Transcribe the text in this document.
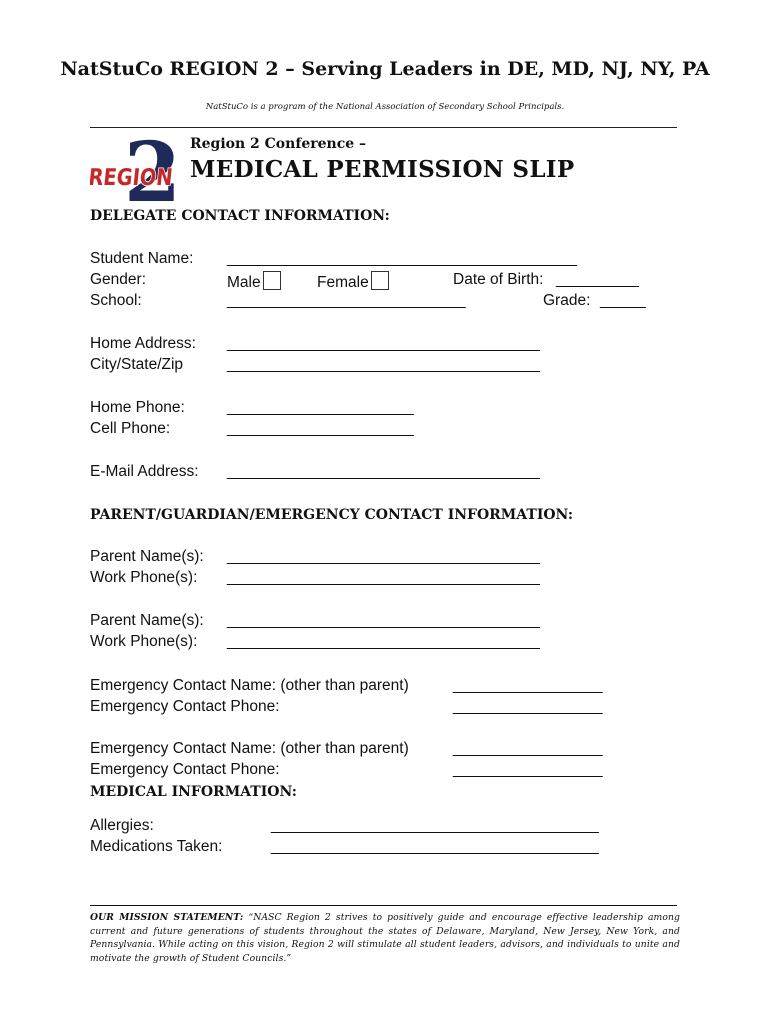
NatStuCo REGION 2 – Serving Leaders in DE, MD, NJ, NY, PA
NatStuCo is a program of the National Association of Secondary School Principals.
2
REGION
Region 2 Conference –
MEDICAL PERMISSION SLIP
DELEGATE CONTACT INFORMATION:
Student Name: _______________________________________________
Gender:	Male	Female	Date of Birth: ___________
School:	________________________________	Grade: ______
Home Address: __________________________________________
City/State/Zip	__________________________________________
Home Phone:	_________________________
Cell Phone:	_________________________
E-Mail Address: __________________________________________
PARENT/GUARDIAN/EMERGENCY CONTACT INFORMATION:
Parent Name(s): __________________________________________
Work Phone(s): __________________________________________
Parent Name(s): __________________________________________
Work Phone(s): __________________________________________
Emergency Contact Name: (other than parent)	____________________
Emergency Contact Phone:	____________________
Emergency Contact Name: (other than parent)	____________________
Emergency Contact Phone:	____________________
MEDICAL INFORMATION:
Allergies:	____________________________________________
Medications Taken:	____________________________________________
OUR MISSION STATEMENT: “NASC Region 2 strives to positively guide and encourage effective leadership among current and future generations of students throughout the states of Delaware, Maryland, New Jersey, New York, and Pennsylvania. While acting on this vision, Region 2 will stimulate all student leaders, advisors, and individuals to unite and motivate the growth of Student Councils.”
